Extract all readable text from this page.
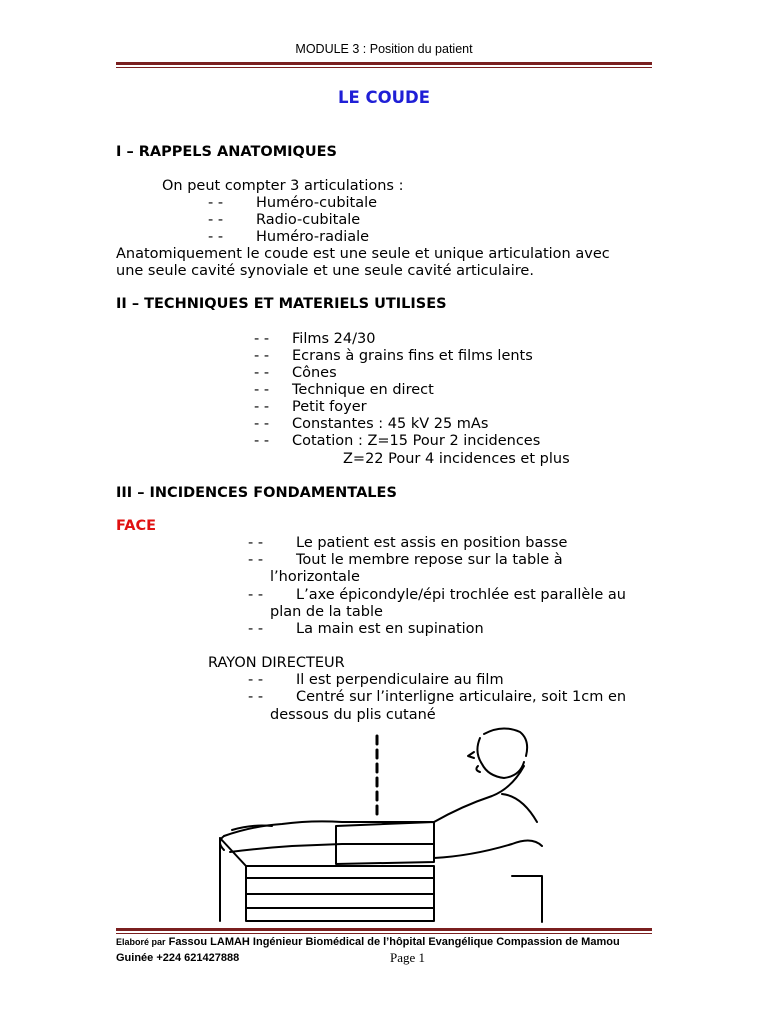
MODULE 3 : Position du patient
LE COUDE
I – RAPPELS ANATOMIQUES
On peut compter 3 articulations :
- - Huméro-cubitale
- - Radio-cubitale
- - Huméro-radiale
Anatomiquement le coude est une seule et unique articulation avec
une seule cavité synoviale et une seule cavité articulaire.
II – TECHNIQUES ET MATERIELS UTILISES
- - Films 24/30
- - Ecrans à grains fins et films lents
- - Cônes
- - Technique en direct
- - Petit foyer
- - Constantes : 45 kV 25 mAs
- - Cotation : Z=15 Pour 2 incidences
Z=22 Pour 4 incidences et plus
III – INCIDENCES FONDAMENTALES
FACE
- - Le patient est assis en position basse
- - Tout le membre repose sur la table à
l’horizontale
- - L’axe épicondyle/épi trochlée est parallèle au
plan de la table
- - La main est en supination
RAYON DIRECTEUR
- - Il est perpendiculaire au film
- - Centré sur l’interligne articulaire, soit 1cm en
dessous du plis cutané
Elaboré par Fassou LAMAH Ingénieur Biomédical de l’hôpital Evangélique Compassion de Mamou
Guinée +224 621427888	Page 1
